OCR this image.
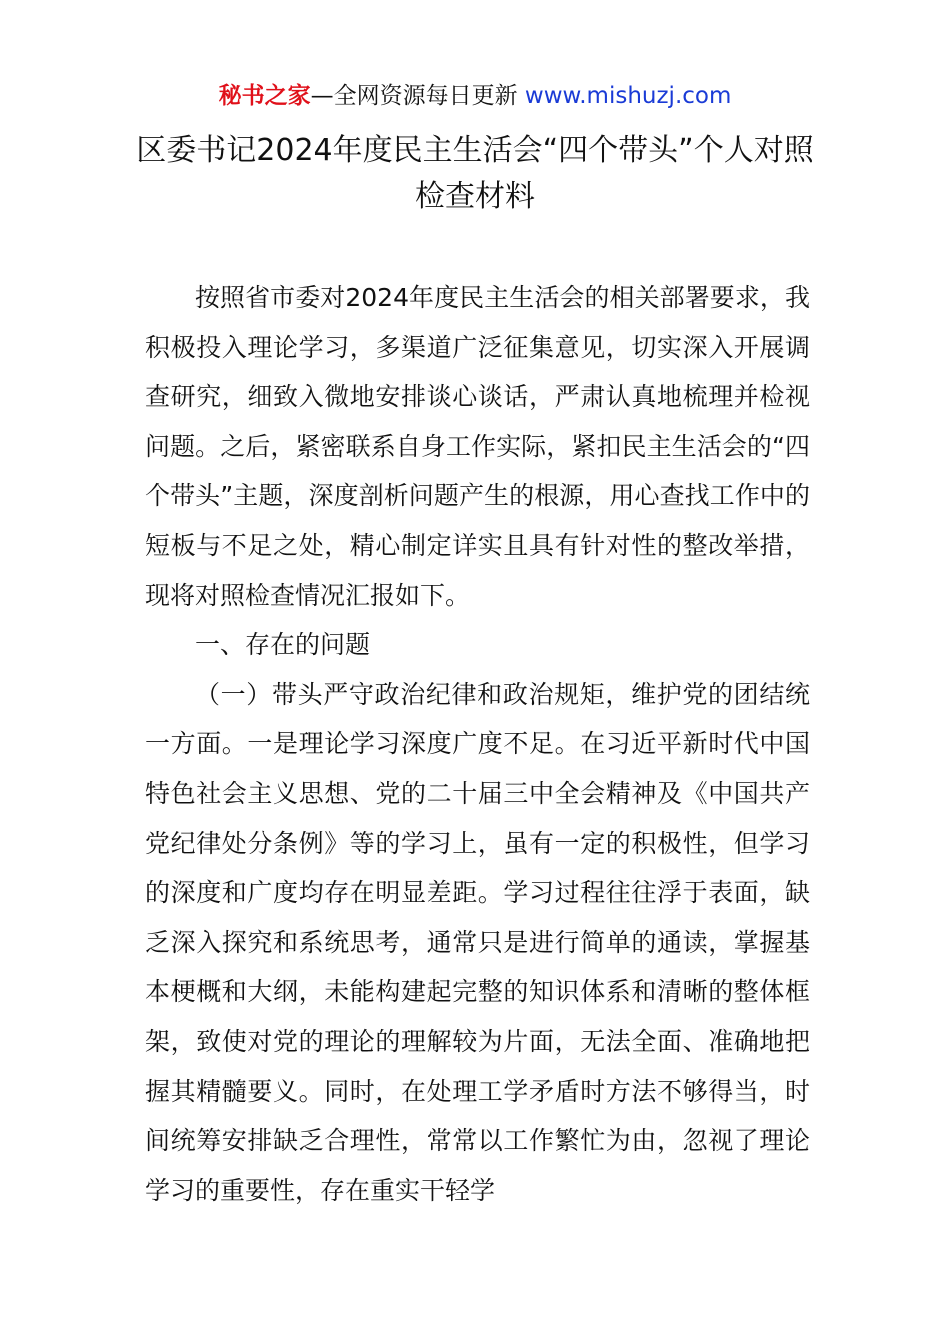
秘书之家—全网资源每日更新 www.mishuzj.com
区委书记2024年度民主生活会“四个带头”个人对照检查材料

按照省市委对2024年度民主生活会的相关部署要求，我积极投入理论学习，多渠道广泛征集意见，切实深入开展调查研究，细致入微地安排谈心谈话，严肃认真地梳理并检视问题。之后，紧密联系自身工作实际，紧扣民主生活会的“四个带头”主题，深度剖析问题产生的根源，用心查找工作中的短板与不足之处，精心制定详实且具有针对性的整改举措，现将对照检查情况汇报如下。

一、存在的问题

（一）带头严守政治纪律和政治规矩，维护党的团结统一方面。一是理论学习深度广度不足。在习近平新时代中国特色社会主义思想、党的二十届三中全会精神及《中国共产党纪律处分条例》等的学习上，虽有一定的积极性，但学习的深度和广度均存在明显差距。学习过程往往浮于表面，缺乏深入探究和系统思考，通常只是进行简单的通读，掌握基本梗概和大纲，未能构建起完整的知识体系和清晰的整体框架，致使对党的理论的理解较为片面，无法全面、准确地把握其精髓要义。同时，在处理工学矛盾时方法不够得当，时间统筹安排缺乏合理性，常常以工作繁忙为由，忽视了理论学习的重要性，存在重实干轻学
